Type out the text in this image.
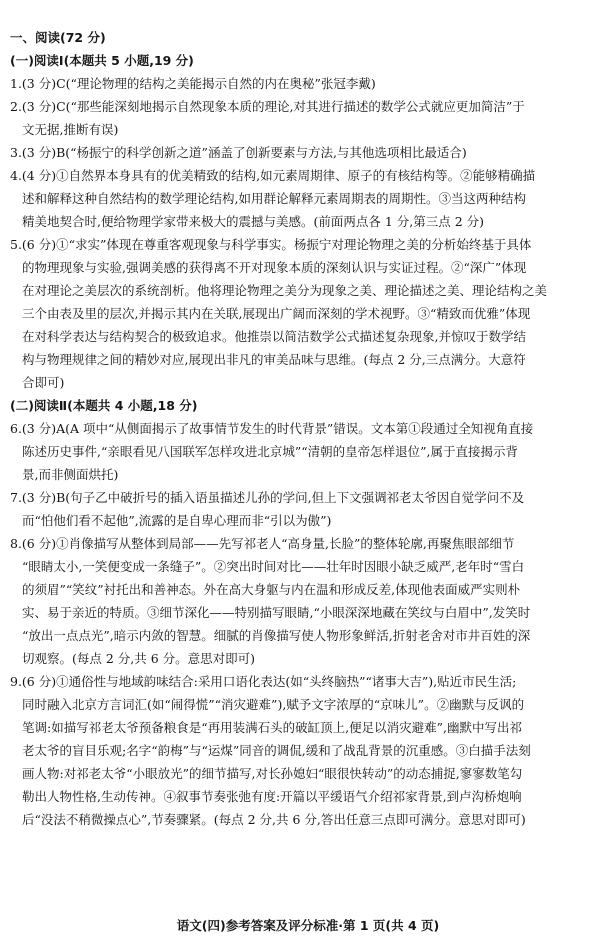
一、阅读(72 分)
(一)阅读Ⅰ(本题共 5 小题,19 分)
1.(3 分)C(“理论物理的结构之美能揭示自然的内在奥秘”张冠李戴)
2.(3 分)C(“那些能深刻地揭示自然现象本质的理论,对其进行描述的数学公式就应更加简洁”于
文无据,推断有误)
3.(3 分)B(“杨振宁的科学创新之道”涵盖了创新要素与方法,与其他选项相比最适合)
4.(4 分)①自然界本身具有的优美精致的结构,如元素周期律、原子的有核结构等。②能够精确描
述和解释这种自然结构的数学理论结构,如用群论解释元素周期表的周期性。③当这两种结构
精美地契合时,便给物理学家带来极大的震撼与美感。(前面两点各 1 分,第三点 2 分)
5.(6 分)①“求实”体现在尊重客观现象与科学事实。杨振宁对理论物理之美的分析始终基于具体
的物理现象与实验,强调美感的获得离不开对现象本质的深刻认识与实证过程。②“深广”体现
在对理论之美层次的系统剖析。他将理论物理之美分为现象之美、理论描述之美、理论结构之美
三个由表及里的层次,并揭示其内在关联,展现出广阔而深刻的学术视野。③“精致而优雅”体现
在对科学表达与结构契合的极致追求。他推崇以简洁数学公式描述复杂现象,并惊叹于数学结
构与物理规律之间的精妙对应,展现出非凡的审美品味与思维。(每点 2 分,三点满分。大意符
合即可)
(二)阅读Ⅱ(本题共 4 小题,18 分)
6.(3 分)A(A 项中“从侧面揭示了故事情节发生的时代背景”错误。文本第①段通过全知视角直接
陈述历史事件,“亲眼看见八国联军怎样攻进北京城”“清朝的皇帝怎样退位”,属于直接揭示背
景,而非侧面烘托)
7.(3 分)B(句子乙中破折号的插入语虽描述儿孙的学问,但上下文强调祁老太爷因自觉学问不及
而“怕他们看不起他”,流露的是自卑心理而非“引以为傲”)
8.(6 分)①肖像描写从整体到局部——先写祁老人“高身量,长脸”的整体轮廓,再聚焦眼部细节
“眼睛太小,一笑便变成一条缝子”。②突出时间对比——壮年时因眼小缺乏威严,老年时“雪白
的须眉”“笑纹”衬托出和善神态。外在高大身躯与内在温和形成反差,体现他表面威严实则朴
实、易于亲近的特质。③细节深化——特别描写眼睛,“小眼深深地藏在笑纹与白眉中”,发笑时
“放出一点点光”,暗示内敛的智慧。细腻的肖像描写使人物形象鲜活,折射老舍对市井百姓的深
切观察。(每点 2 分,共 6 分。意思对即可)
9.(6 分)①通俗性与地域韵味结合:采用口语化表达(如“头终脑热”“诸事大吉”),贴近市民生活;
同时融入北京方言词汇(如“闹得慌”“消灾避难”),赋予文字浓厚的“京味儿”。②幽默与反讽的
笔调:如描写祁老太爷预备粮食是“再用装满石头的破缸顶上,便足以消灾避难”,幽默中写出祁
老太爷的盲目乐观;名字“韵梅”与“运煤”同音的调侃,缓和了战乱背景的沉重感。③白描手法刻
画人物:对祁老太爷“小眼放光”的细节描写,对长孙媳妇“眼很快转动”的动态捕捉,寥寥数笔勾
勒出人物性格,生动传神。④叙事节奏张弛有度:开篇以平缓语气介绍祁家背景,到卢沟桥炮响
后“没法不稍微操点心”,节奏骤紧。(每点 2 分,共 6 分,答出任意三点即可满分。意思对即可)
语文(四)参考答案及评分标准·第 1 页(共 4 页)
